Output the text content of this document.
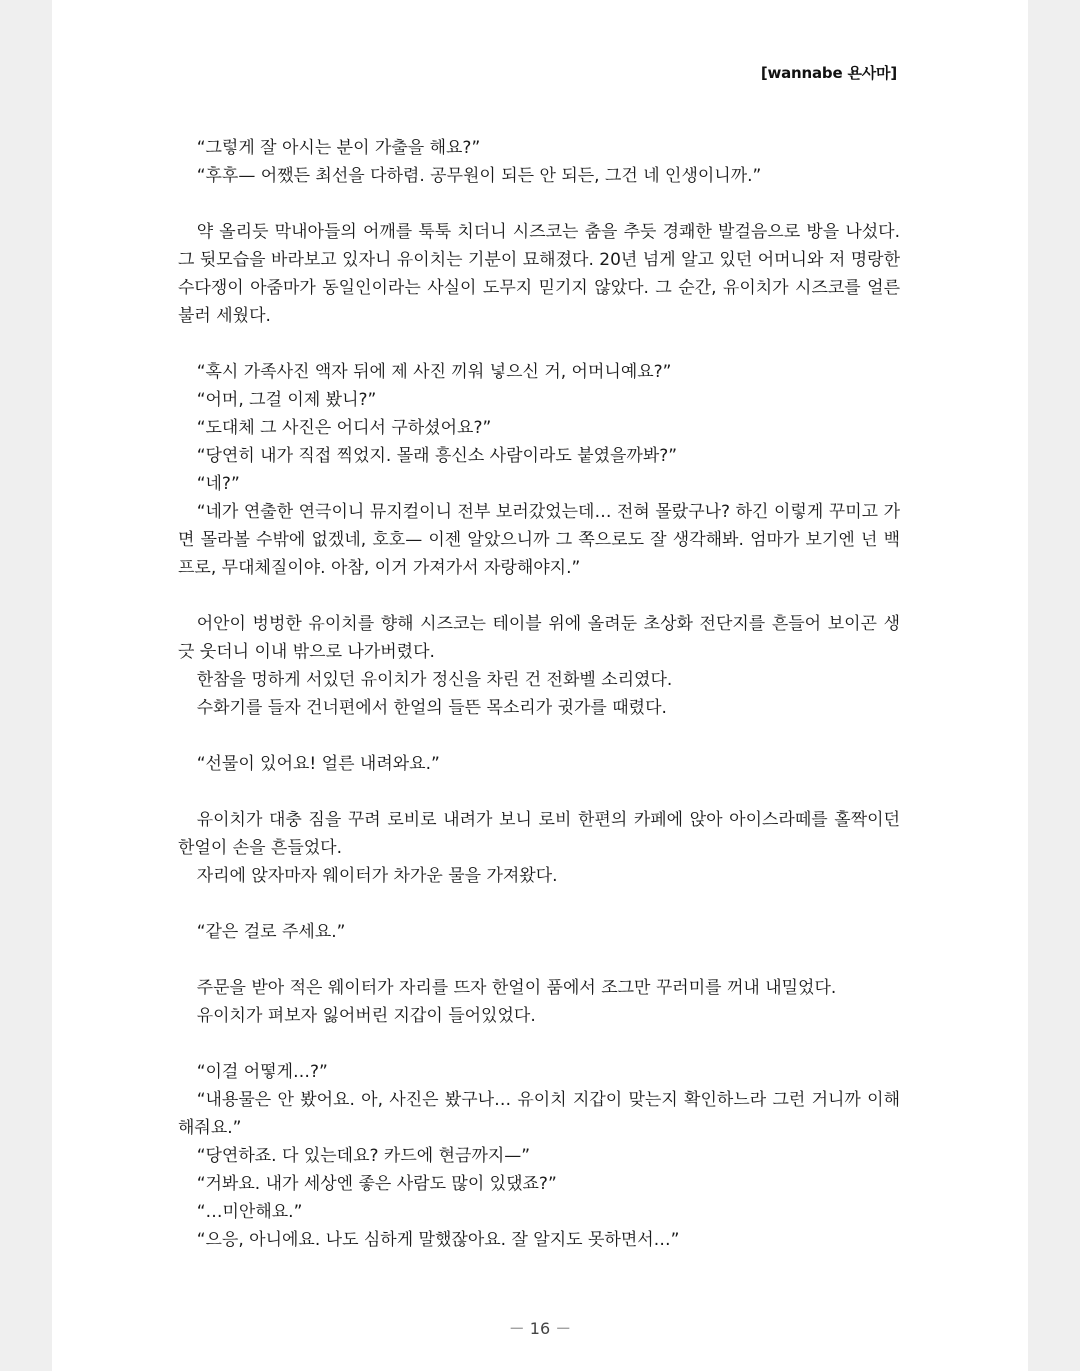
[wannabe 욘사마]
“그렇게 잘 아시는 분이 가출을 해요?”
“후후— 어쨌든 최선을 다하렴. 공무원이 되든 안 되든, 그건 네 인생이니까.”
약 올리듯 막내아들의 어깨를 툭툭 치더니 시즈코는 춤을 추듯 경쾌한 발걸음으로 방을 나섰다. 그 뒷모습을 바라보고 있자니 유이치는 기분이 묘해졌다. 20년 넘게 알고 있던 어머니와 저 명랑한 수다쟁이 아줌마가 동일인이라는 사실이 도무지 믿기지 않았다. 그 순간, 유이치가 시즈코를 얼른 불러 세웠다.
“혹시 가족사진 액자 뒤에 제 사진 끼워 넣으신 거, 어머니예요?”
“어머, 그걸 이제 봤니?”
“도대체 그 사진은 어디서 구하셨어요?”
“당연히 내가 직접 찍었지. 몰래 흥신소 사람이라도 붙였을까봐?”
“네?”
“네가 연출한 연극이니 뮤지컬이니 전부 보러갔었는데… 전혀 몰랐구나? 하긴 이렇게 꾸미고 가면 몰라볼 수밖에 없겠네, 호호— 이젠 알았으니까 그 쪽으로도 잘 생각해봐. 엄마가 보기엔 넌 백프로, 무대체질이야. 아참, 이거 가져가서 자랑해야지.”
어안이 벙벙한 유이치를 향해 시즈코는 테이블 위에 올려둔 초상화 전단지를 흔들어 보이곤 생긋 웃더니 이내 밖으로 나가버렸다.
한참을 멍하게 서있던 유이치가 정신을 차린 건 전화벨 소리였다.
수화기를 들자 건너편에서 한얼의 들뜬 목소리가 귓가를 때렸다.
“선물이 있어요! 얼른 내려와요.”
유이치가 대충 짐을 꾸려 로비로 내려가 보니 로비 한편의 카페에 앉아 아이스라떼를 홀짝이던 한얼이 손을 흔들었다.
자리에 앉자마자 웨이터가 차가운 물을 가져왔다.
“같은 걸로 주세요.”
주문을 받아 적은 웨이터가 자리를 뜨자 한얼이 품에서 조그만 꾸러미를 꺼내 내밀었다.
유이치가 펴보자 잃어버린 지갑이 들어있었다.
“이걸 어떻게…?”
“내용물은 안 봤어요. 아, 사진은 봤구나… 유이치 지갑이 맞는지 확인하느라 그런 거니까 이해해줘요.”
“당연하죠. 다 있는데요? 카드에 현금까지—”
“거봐요. 내가 세상엔 좋은 사람도 많이 있댔죠?”
“…미안해요.”
“으응, 아니에요. 나도 심하게 말했잖아요. 잘 알지도 못하면서…”
－ 16 －
